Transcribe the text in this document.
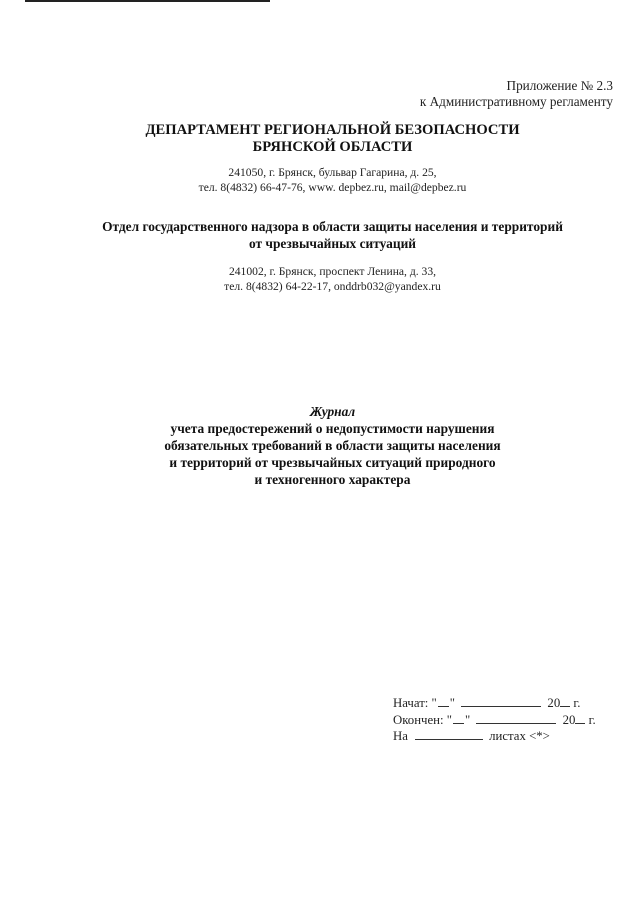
Приложение № 2.3
к Административному регламенту
ДЕПАРТАМЕНТ РЕГИОНАЛЬНОЙ БЕЗОПАСНОСТИ
БРЯНСКОЙ ОБЛАСТИ
241050, г. Брянск, бульвар Гагарина, д. 25,
тел. 8(4832) 66-47-76, www. depbez.ru, mail@depbez.ru
Отдел государственного надзора в области защиты населения и территорий
от чрезвычайных ситуаций
241002, г. Брянск, проспект Ленина, д. 33,
тел. 8(4832) 64-22-17, onddrb032@yandex.ru
Журнал
учета предостережений о недопустимости нарушения
обязательных требований в области защиты населения
и территорий от чрезвычайных ситуаций природного
и техногенного характера
Начат: " "	20 г.
Окончен: " "	20 г.
На	листах <*>
